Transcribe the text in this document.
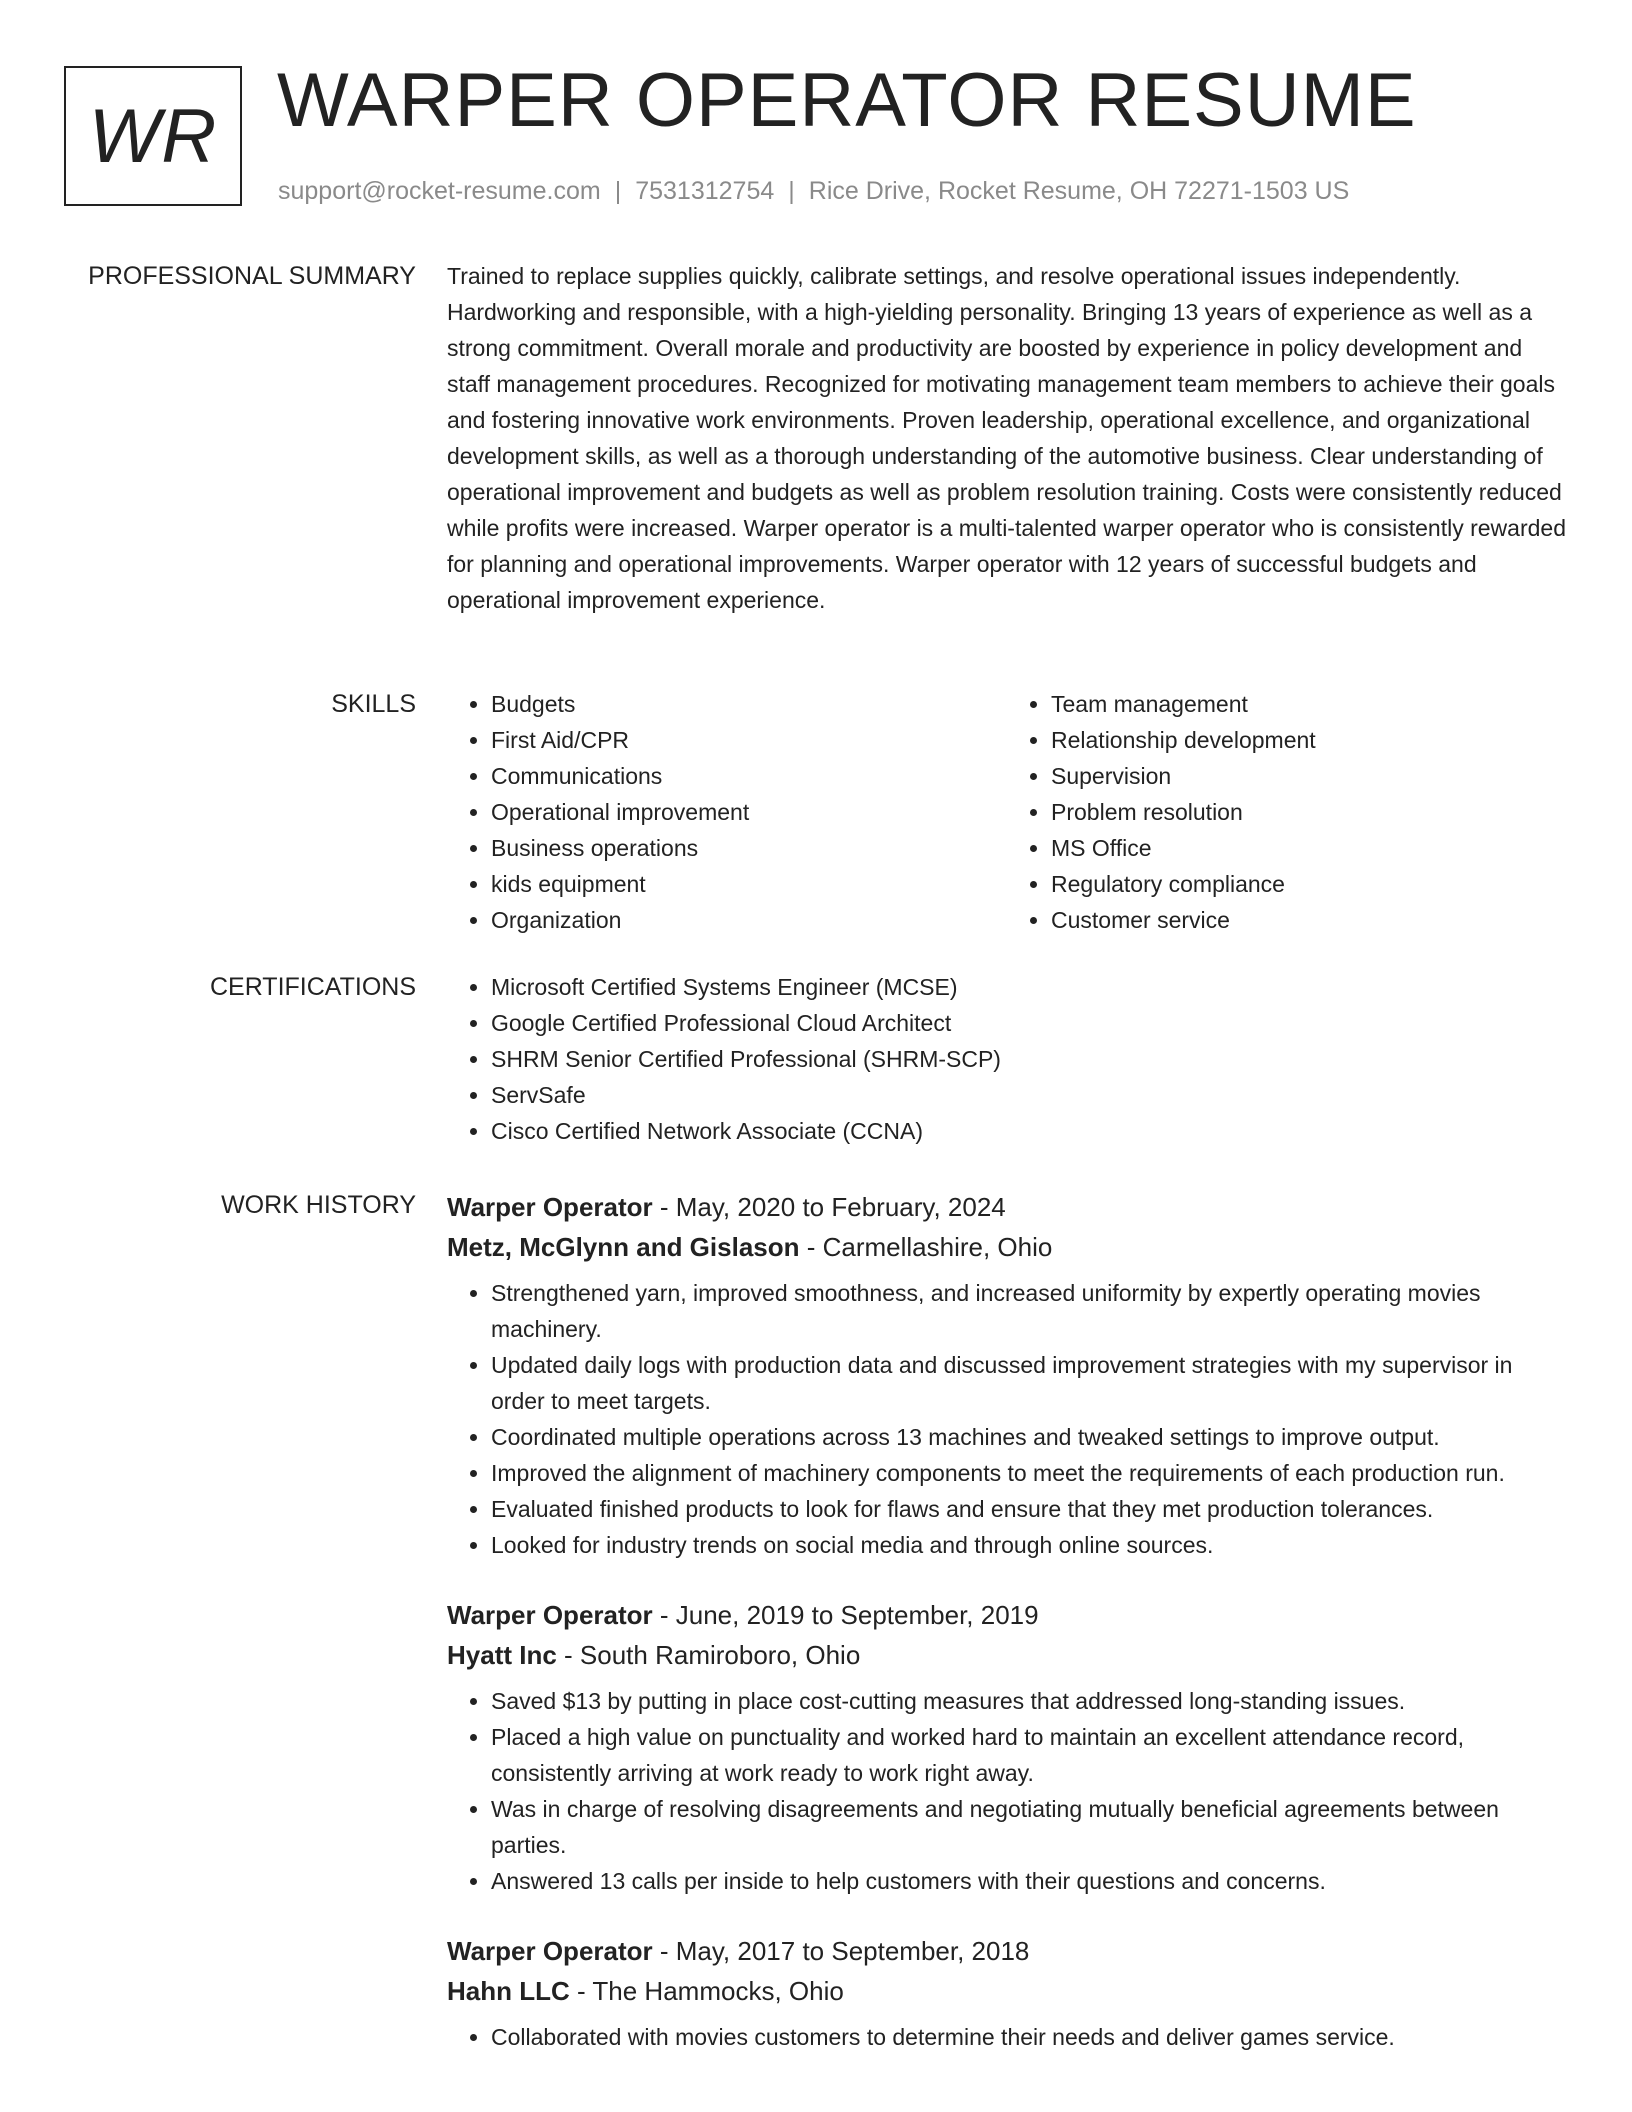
WR WARPER OPERATOR RESUME
support@rocket-resume.com | 7531312754 | Rice Drive, Rocket Resume, OH 72271-1503 US
PROFESSIONAL SUMMARY Trained to replace supplies quickly, calibrate settings, and resolve operational issues independently. Hardworking and responsible, with a high-yielding personality. Bringing 13 years of experience as well as a strong commitment. Overall morale and productivity are boosted by experience in policy development and staff management procedures. Recognized for motivating management team members to achieve their goals and fostering innovative work environments. Proven leadership, operational excellence, and organizational development skills, as well as a thorough understanding of the automotive business. Clear understanding of operational improvement and budgets as well as problem resolution training. Costs were consistently reduced while profits were increased. Warper operator is a multi-talented warper operator who is consistently rewarded for planning and operational improvements. Warper operator with 12 years of successful budgets and operational improvement experience.

SKILLS	• Budgets
• First Aid/CPR
• Communications
• Operational improvement
• Business operations
• kids equipment
• Organization
• Team management
• Relationship development
• Supervision
• Problem resolution
• MS Office
• Regulatory compliance
• Customer service
CERTIFICATIONS	• Microsoft Certified Systems Engineer (MCSE)
• Google Certified Professional Cloud Architect
• SHRM Senior Certified Professional (SHRM-SCP)
• ServSafe
• Cisco Certified Network Associate (CCNA)
WORK HISTORY Warper Operator - May, 2020 to February, 2024
Metz, McGlynn and Gislason - Carmellashire, Ohio
• Strengthened yarn, improved smoothness, and increased uniformity by expertly operating movies machinery.
• Updated daily logs with production data and discussed improvement strategies with my supervisor in order to meet targets.
• Coordinated multiple operations across 13 machines and tweaked settings to improve output.
• Improved the alignment of machinery components to meet the requirements of each production run.
• Evaluated finished products to look for flaws and ensure that they met production tolerances.
• Looked for industry trends on social media and through online sources.
Warper Operator - June, 2019 to September, 2019
Hyatt Inc - South Ramiroboro, Ohio
• Saved $13 by putting in place cost-cutting measures that addressed long-standing issues.
• Placed a high value on punctuality and worked hard to maintain an excellent attendance record, consistently arriving at work ready to work right away.
• Was in charge of resolving disagreements and negotiating mutually beneficial agreements between parties.
• Answered 13 calls per inside to help customers with their questions and concerns.
Warper Operator - May, 2017 to September, 2018
Hahn LLC - The Hammocks, Ohio
• Collaborated with movies customers to determine their needs and deliver games service.
